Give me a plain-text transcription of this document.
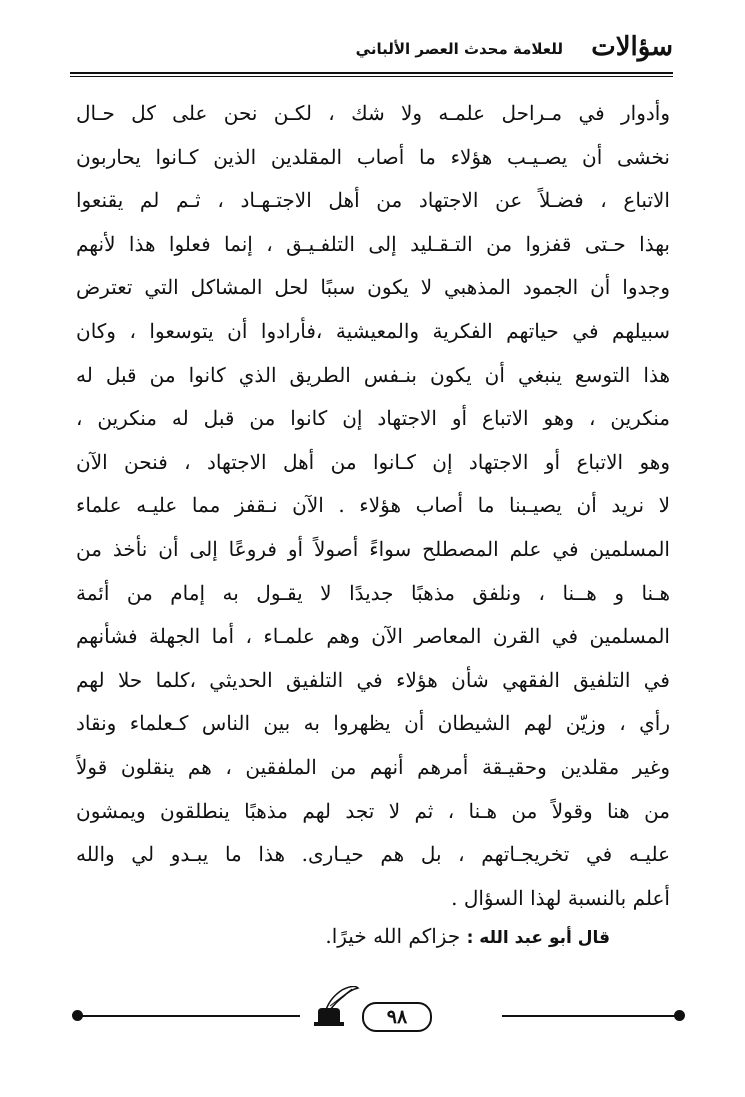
سؤالات
للعلامة محدث العصر الألباني
وأدوار في مـراحل علمـه ولا شك ، لكـن نحن على كل حـال
نخشى أن يصـيـب هؤلاء ما أصاب المقلدين الذين كـانوا يحاربون
الاتباع ، فضـلاً عن الاجتهاد من أهل الاجتـهـاد ، ثـم لم يقنعوا
بهذا حـتى قفزوا من التـقـليد إلى التلفـيـق ، إنما فعلوا هذا لأنهم
وجدوا أن الجمود المذهبي لا يكون سببًا لحل المشاكل التي تعترض
سبيلهم في حياتهم الفكرية والمعيشية ،فأرادوا أن يتوسعوا ، وكان
هذا التوسع ينبغي أن يكون بنـفس الطريق الذي كانوا من قبل له
منكرين ، وهو الاتباع أو الاجتهاد إن كانوا من قبل له منكرين ،
وهو الاتباع أو الاجتهاد إن كـانوا من أهل الاجتهاد ، فنحن الآن
لا نريد أن يصيـبنا ما أصاب هؤلاء . الآن نـقفز مما عليـه علماء
المسلمين في علم المصطلح سواءً أصولاً أو فروعًا إلى أن نأخذ من
هـنا و هــنا ، ونلفق مذهبًا جديدًا لا يقـول به إمام من أئمة
المسلمين في القرن المعاصر الآن وهم علمـاء ، أما الجهلة فشأنهم
في التلفيق الفقهي شأن هؤلاء في التلفيق الحديثي ،كلما حلا لهم
رأي ، وزيّن لهم الشيطان أن يظهروا به بين الناس كـعلماء ونقاد
وغير مقلدين وحقيـقة أمرهم أنهم من الملفقين ، هم ينقلون قولاً
من هنا وقولاً من هـنا ، ثم لا تجد لهم مذهبًا ينطلقون ويمشون
عليـه في تخريجـاتهم ، بل هم حيـارى. هذا ما يبـدو لي والله
أعلم بالنسبة لهذا السؤال .
قال أبو عبد الله : جزاكم الله خيرًا.
٩٨
